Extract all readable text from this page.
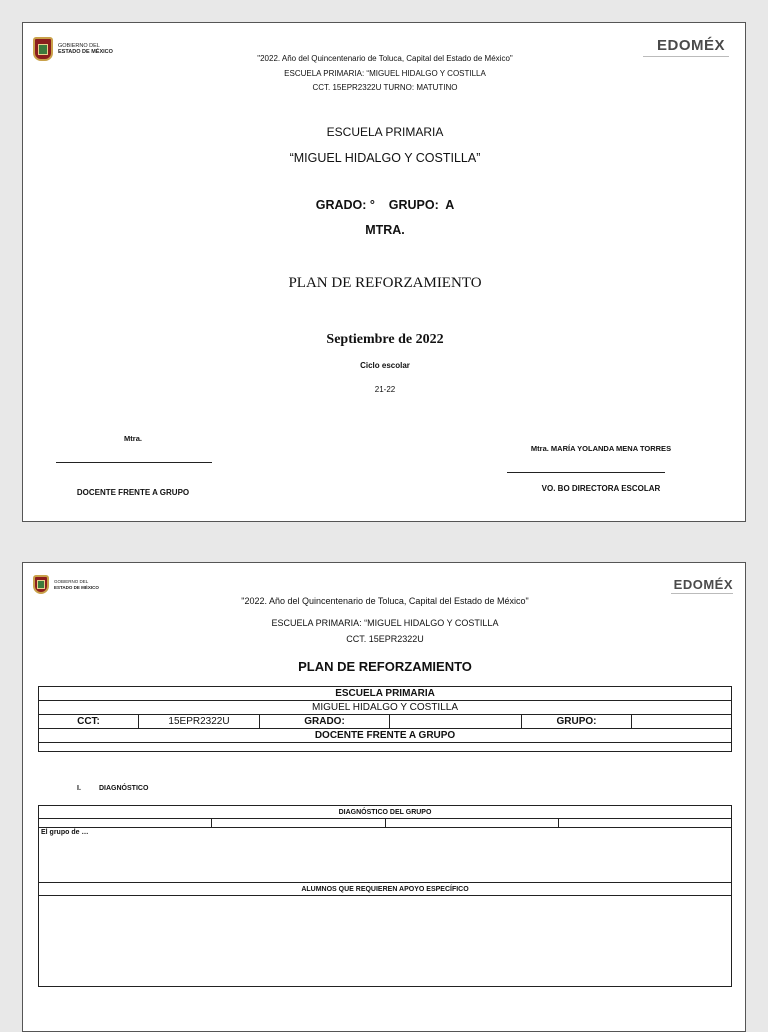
GOBIERNO DEL
ESTADO DE MÉXICO	EDOMÉX
"2022. Año del Quincentenario de Toluca, Capital del Estado de México"
ESCUELA PRIMARIA: “MIGUEL HIDALGO Y COSTILLA
CCT. 15EPR2322U TURNO: MATUTINO
ESCUELA PRIMARIA
“MIGUEL HIDALGO Y COSTILLA”
GRADO: °    GRUPO:  A
MTRA.
PLAN DE REFORZAMIENTO
Septiembre de 2022
Ciclo escolar
21-22
Mtra.
DOCENTE FRENTE A GRUPO
Mtra. MARÍA YOLANDA MENA TORRES
VO. BO DIRECTORA ESCOLAR
GOBIERNO DEL
ESTADO DE MÉXICO	EDOMÉX
"2022. Año del Quincentenario de Toluca, Capital del Estado de México"
ESCUELA PRIMARIA: “MIGUEL HIDALGO Y COSTILLA
CCT. 15EPR2322U
PLAN DE REFORZAMIENTO
ESCUELA PRIMARIA
MIGUEL HIDALGO Y COSTILLA
CCT:	15EPR2322U	GRADO:		GRUPO:	
DOCENTE FRENTE A GRUPO

I.	DIAGNÓSTICO
DIAGNÓSTICO DEL GRUPO

El grupo de …
ALUMNOS QUE REQUIEREN APOYO ESPECÍFICO
